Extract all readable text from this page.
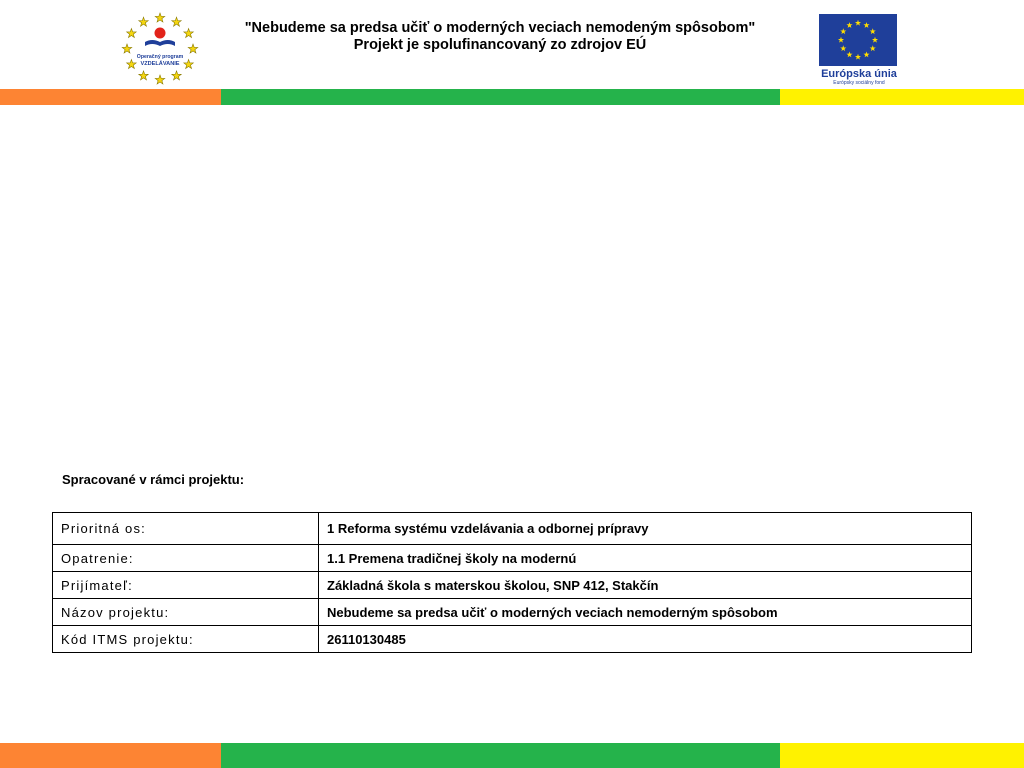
Operačný program
VZDELÁVANIE
"Nebudeme sa predsa učiť o moderných veciach nemodeným spôsobom"
Projekt je spolufinancovaný zo zdrojov EÚ
Európska únia
Európsky sociálny fond
Spracované v rámci projektu:
Prioritná os:	1 Reforma systému vzdelávania a odbornej prípravy
Opatrenie:	1.1 Premena tradičnej školy na modernú
Prijímateľ:	Základná škola s materskou školou, SNP 412, Stakčín
Názov projektu:	Nebudeme sa predsa učiť o moderných veciach nemoderným spôsobom
Kód ITMS projektu:	26110130485
